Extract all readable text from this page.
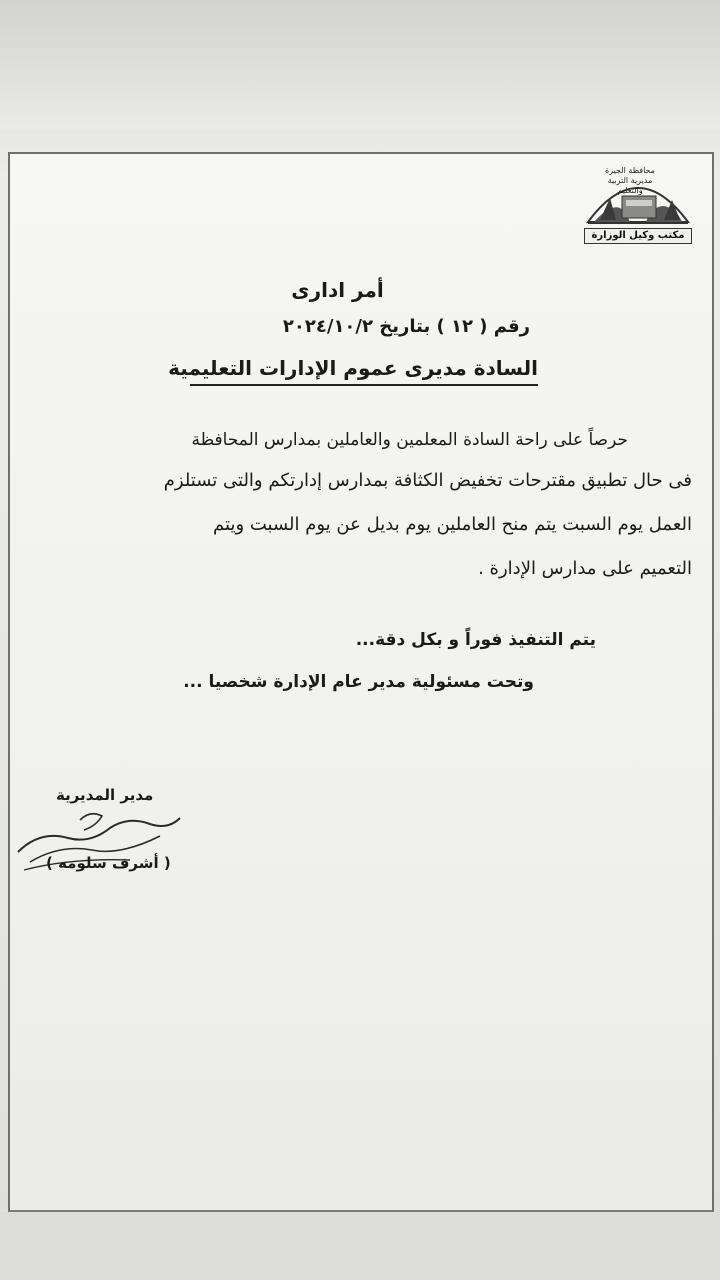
محافظة الجيزة مديرية التربية والتعليم
مكتب وكيل الوزارة
أمر ادارى
رقم ( ١٢ ) بتاريخ ٢٠٢٤/١٠/٢
السادة مديرى عموم الإدارات التعليمية
حرصاً على راحة السادة المعلمين والعاملين بمدارس المحافظة
فى حال تطبيق مقترحات تخفيض الكثافة بمدارس إدارتكم والتى تستلزم
العمل يوم السبت يتم منح العاملين يوم بديل عن يوم السبت ويتم
التعميم على مدارس الإدارة .
يتم التنفيذ فوراً و بكل دقة...
وتحت مسئولية مدير عام الإدارة شخصيا ...
مدير المديرية
( أشرف سلومه )
